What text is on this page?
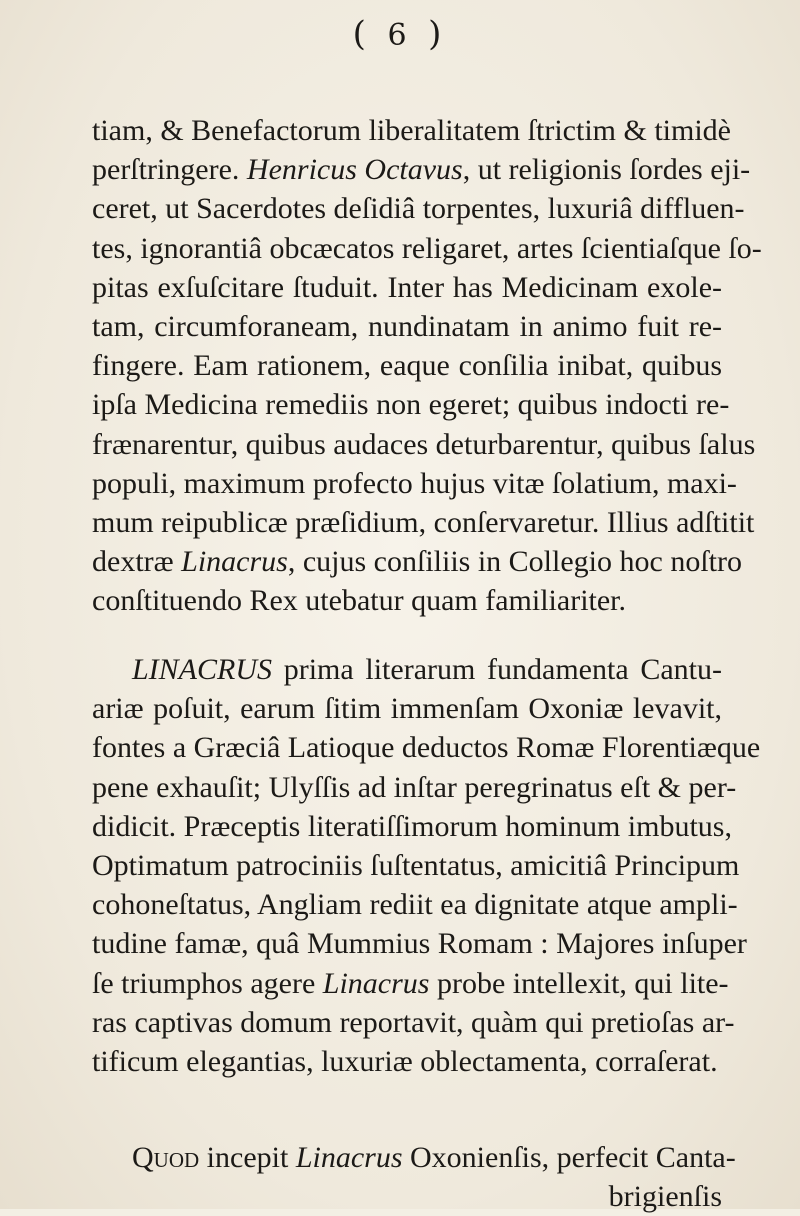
( 6 )
tiam, & Benefactorum liberalitatem ſtrictim & timidè
perſtringere. Henricus Octavus, ut religionis ſordes eji-
ceret, ut Sacerdotes deſidiâ torpentes, luxuriâ diffluen-
tes, ignorantiâ obcæcatos religaret, artes ſcientiaſque ſo-
pitas exſuſcitare ſtuduit. Inter has Medicinam exole-
tam, circumforaneam, nundinatam in animo fuit re-
fingere. Eam rationem, eaque conſilia inibat, quibus
ipſa Medicina remediis non egeret; quibus indocti re-
frænarentur, quibus audaces deturbarentur, quibus ſalus
populi, maximum profecto hujus vitæ ſolatium, maxi-
mum reipublicæ præſidium, conſervaretur. Illius adſtitit
dextræ Linacrus, cujus conſiliis in Collegio hoc noſtro
conſtituendo Rex utebatur quam familiariter.
LINACRUS prima literarum fundamenta Cantu-
ariæ poſuit, earum ſitim immenſam Oxoniæ levavit,
fontes a Græciâ Latioque deductos Romæ Florentiæque
pene exhauſit; Ulyſſis ad inſtar peregrinatus eſt & per-
didicit. Præceptis literatiſſimorum hominum imbutus,
Optimatum patrociniis ſuſtentatus, amicitiâ Principum
cohoneſtatus, Angliam rediit ea dignitate atque ampli-
tudine famæ, quâ Mummius Romam : Majores inſuper
ſe triumphos agere Linacrus probe intellexit, qui lite-
ras captivas domum reportavit, quàm qui pretioſas ar-
tificum elegantias, luxuriæ oblectamenta, corraſerat.
Quod incepit Linacrus Oxonienſis, perfecit Canta-
brigienſis
